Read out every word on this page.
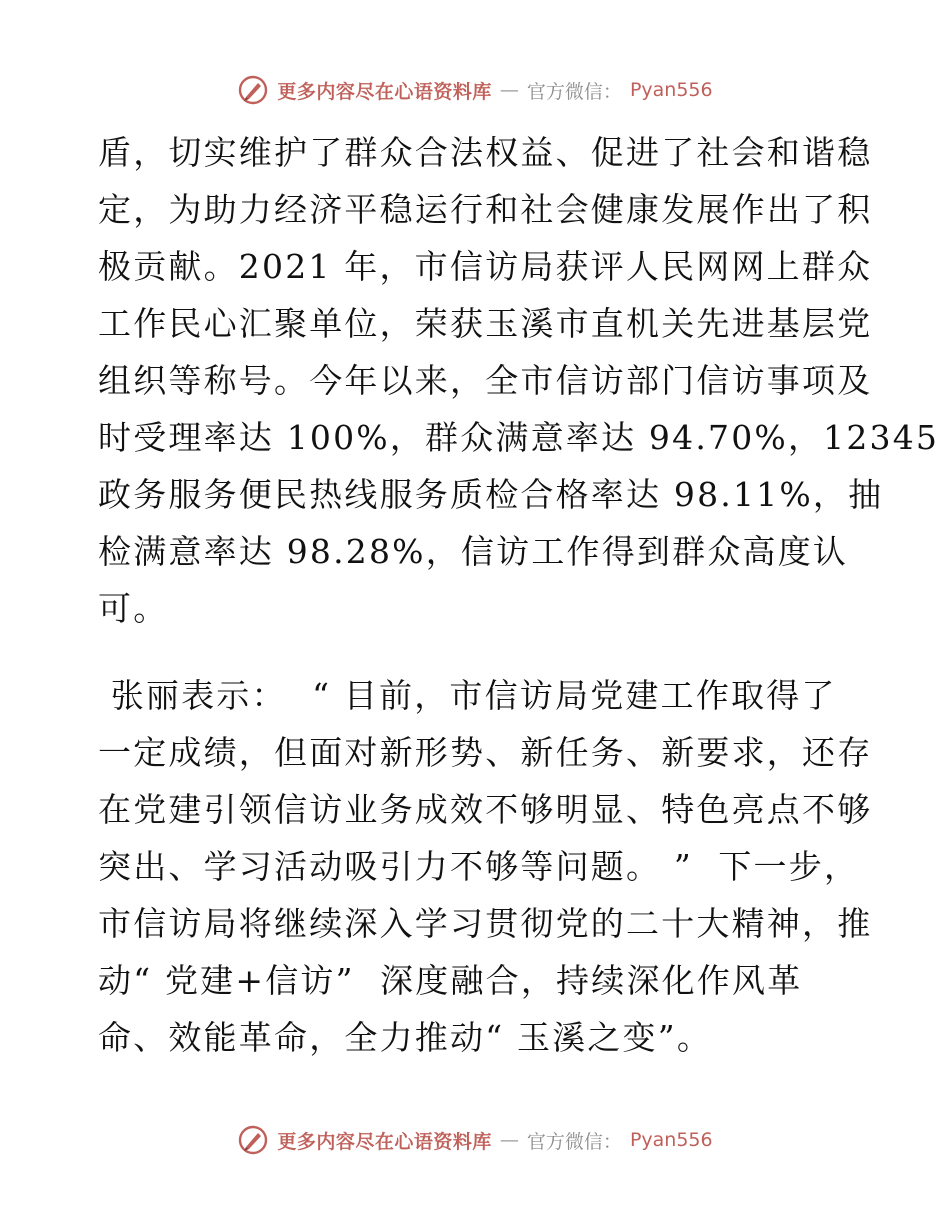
更多内容尽在心语资料库 — 官方微信： Pyan556
盾，切实维护了群众合法权益、促进了社会和谐稳
定，为助力经济平稳运行和社会健康发展作出了积
极贡献。2021 年，市信访局获评人民网网上群众
工作民心汇聚单位，荣获玉溪市直机关先进基层党
组织等称号。今年以来，全市信访部门信访事项及
时受理率达 100%，群众满意率达 94.70%，12345
政务服务便民热线服务质检合格率达 98.11%，抽
检满意率达 98.28%，信访工作得到群众高度认
可。
张丽表示：  “ 目前，市信访局党建工作取得了
一定成绩，但面对新形势、新任务、新要求，还存
在党建引领信访业务成效不够明显、特色亮点不够
突出、学习活动吸引力不够等问题。 ”  下一步，
市信访局将继续深入学习贯彻党的二十大精神，推
动“ 党建+信访”  深度融合，持续深化作风革
命、效能革命，全力推动“ 玉溪之变”。
更多内容尽在心语资料库 — 官方微信： Pyan556
